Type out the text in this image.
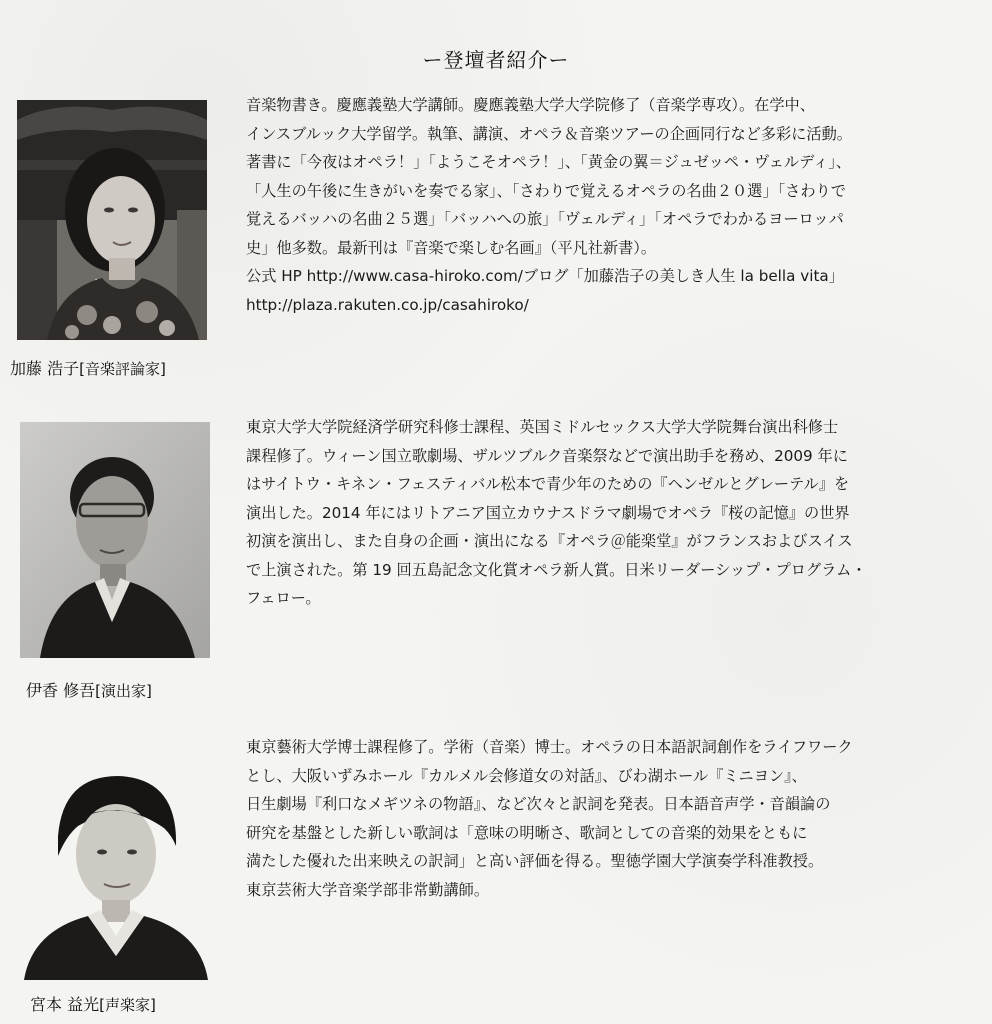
ー登壇者紹介ー
加藤 浩子[音楽評論家]
音楽物書き。慶應義塾大学講師。慶應義塾大学大学院修了（音楽学専攻）。在学中、
インスブルック大学留学。執筆、講演、オペラ＆音楽ツアーの企画同行など多彩に活動。
著書に「今夜はオペラ！」「ようこそオペラ！」、「黄金の翼＝ジュゼッペ・ヴェルディ」、
「人生の午後に生きがいを奏でる家」、「さわりで覚えるオペラの名曲２０選」「さわりで
覚えるバッハの名曲２５選」「バッハへの旅」「ヴェルディ」「オペラでわかるヨーロッパ
史」他多数。最新刊は『音楽で楽しむ名画』（平凡社新書）。
公式 HP http://www.casa-hiroko.com/ブログ「加藤浩子の美しき人生 la bella vita」
http://plaza.rakuten.co.jp/casahiroko/
伊香 修吾[演出家]
東京大学大学院経済学研究科修士課程、英国ミドルセックス大学大学院舞台演出科修士
課程修了。ウィーン国立歌劇場、ザルツブルク音楽祭などで演出助手を務め、2009 年に
はサイトウ・キネン・フェスティバル松本で青少年のための『ヘンゼルとグレーテル』を
演出した。2014 年にはリトアニア国立カウナスドラマ劇場でオペラ『桜の記憶』の世界
初演を演出し、また自身の企画・演出になる『オペラ＠能楽堂』がフランスおよびスイス
で上演された。第 19 回五島記念文化賞オペラ新人賞。日米リーダーシップ・プログラム・
フェロー。
宮本 益光[声楽家]
東京藝術大学博士課程修了。学術（音楽）博士。オペラの日本語訳詞創作をライフワーク
とし、大阪いずみホール『カルメル会修道女の対話』、びわ湖ホール『ミニヨン』、
日生劇場『利口なメギツネの物語』、など次々と訳詞を発表。日本語音声学・音韻論の
研究を基盤とした新しい歌詞は「意味の明晰さ、歌詞としての音楽的効果をともに
満たした優れた出来映えの訳詞」と高い評価を得る。聖徳学園大学演奏学科准教授。
東京芸術大学音楽学部非常勤講師。
